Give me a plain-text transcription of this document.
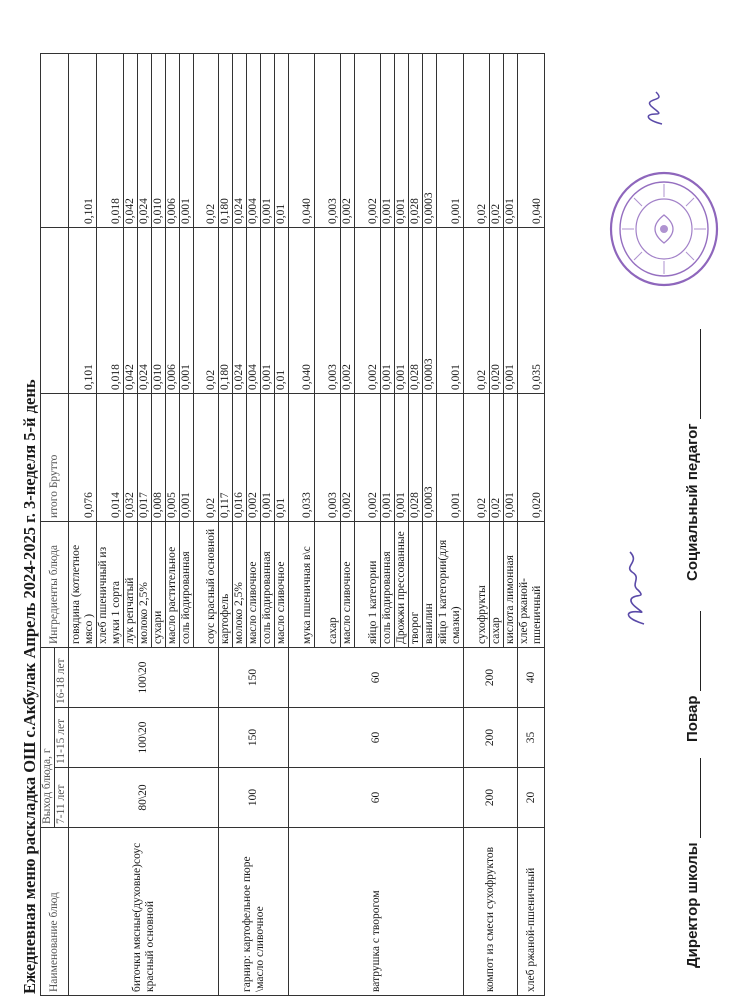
Ежедневная меню раскладка ОШ с.Акбулак Апрель 2024-2025 г. 3-неделя 5-й день Наименование блюд	Выход блюда, г			Ингредиенты блюда	итого Брутто		
	7-11 лет	11-15 лет	16-18 лет				
биточки мясные(духовые)соус красный основной	80\20	100\20	100\20	говядина (котлетное мясо )	0,076	0,101	0,101
				хлеб пшеничный из муки 1 сорта	0,014	0,018	0,018
				лук репчатый	0,032	0,042	0,042
				молоко 2,5%	0,017	0,024	0,024
				сухари	0,008	0,010	0,010
				масло растительное	0,005	0,006	0,006
				соль йодированная	0,001	0,001	0,001
				соус красный основной	0,02	0,02	0,02
гарнир: картофельное пюре \масло сливочное	100	150	150	картофель	0,117	0,180	0,180
				молоко 2,5%	0,016	0,024	0,024
				масло сливочное	0,002	0,004	0,004
				соль йодированная	0,001	0,001	0,001
				масло сливочное	0,01	0,01	0,01
ватрушка с творогом	60	60	60	мука пшеничная в\с	0,033	0,040	0,040
				сахар	0,003	0,003	0,003
				масло сливочное	0,002	0,002	0,002
				яйцо 1 категории	0,002	0,002	0,002
				соль йодированная	0,001	0,001	0,001
				Дрожжи прессованные	0,001	0,001	0,001
				творог	0,028	0,028	0,028
				ванилин	0,0003	0,0003	0,0003
				яйцо 1 категории(для смазки)	0,001	0,001	0,001
компот из смеси сухофруктов	200	200	200	сухофрукты	0,02	0,02	0,02
				сахар	0,02	0,020	0,02
				кислота лимонная	0,001	0,001	0,001
хлеб ржаной-пшеничный	20	35	40	хлеб ржаной-пшеничный	0,020	0,035	0,040
Директор школы   Повар   Социальный педагог
